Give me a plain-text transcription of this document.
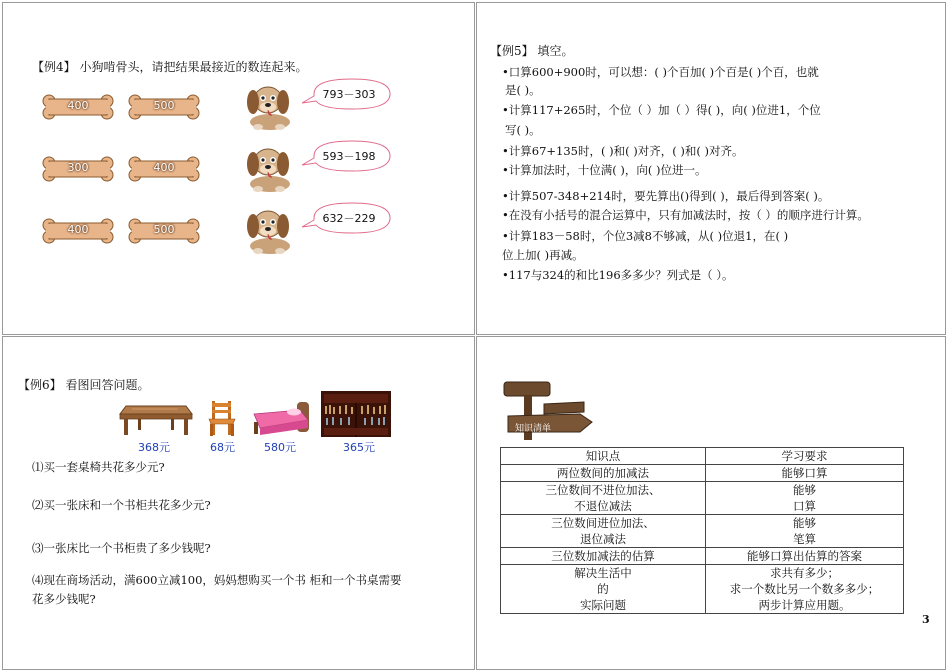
【例4】 小狗啃骨头，请把结果最接近的数连起来。
400	500
793－303
300	400
593－198
400	500
632－229
【例5】 填空。
•口算600+900时，可以想：( )个百加( )个百是( )个百，也就
是( )。
•计算117+265时，个位（ ）加（ ）得( )，向( )位进1，个位
写( )。
•计算67+135时，( )和( )对齐，( )和( )对齐。
•计算加法时，十位满( )，向( )位进一。
•计算507-348+214时，要先算出()得到( )，最后得到答案( )。
•在没有小括号的混合运算中，只有加减法时，按（ ）的顺序进行计算。
•计算183－58时，个位3减8不够减，从( )位退1，在( )
位上加( )再减。
•117与324的和比196多多少？列式是（ ）。
【例6】 看图回答问题。
368元	68元	580元	365元
⑴买一套桌椅共花多少元?
⑵买一张床和一个书柜共花多少元?
⑶一张床比一个书柜贵了多少钱呢?
⑷现在商场活动，满600立减100，妈妈想购买一个书 柜和一个书桌需要
花多少钱呢?
知识清单
知识点	学习要求
两位数间的加减法	能够口算
三位数间不进位加法、
不退位减法	能够
口算
三位数间进位加法、
退位减法	能够
笔算
三位数加减法的估算	能够口算出估算的答案
解决生活中
的
实际问题	求共有多少；
求一个数比另一个数多多少；
两步计算应用题。
3
